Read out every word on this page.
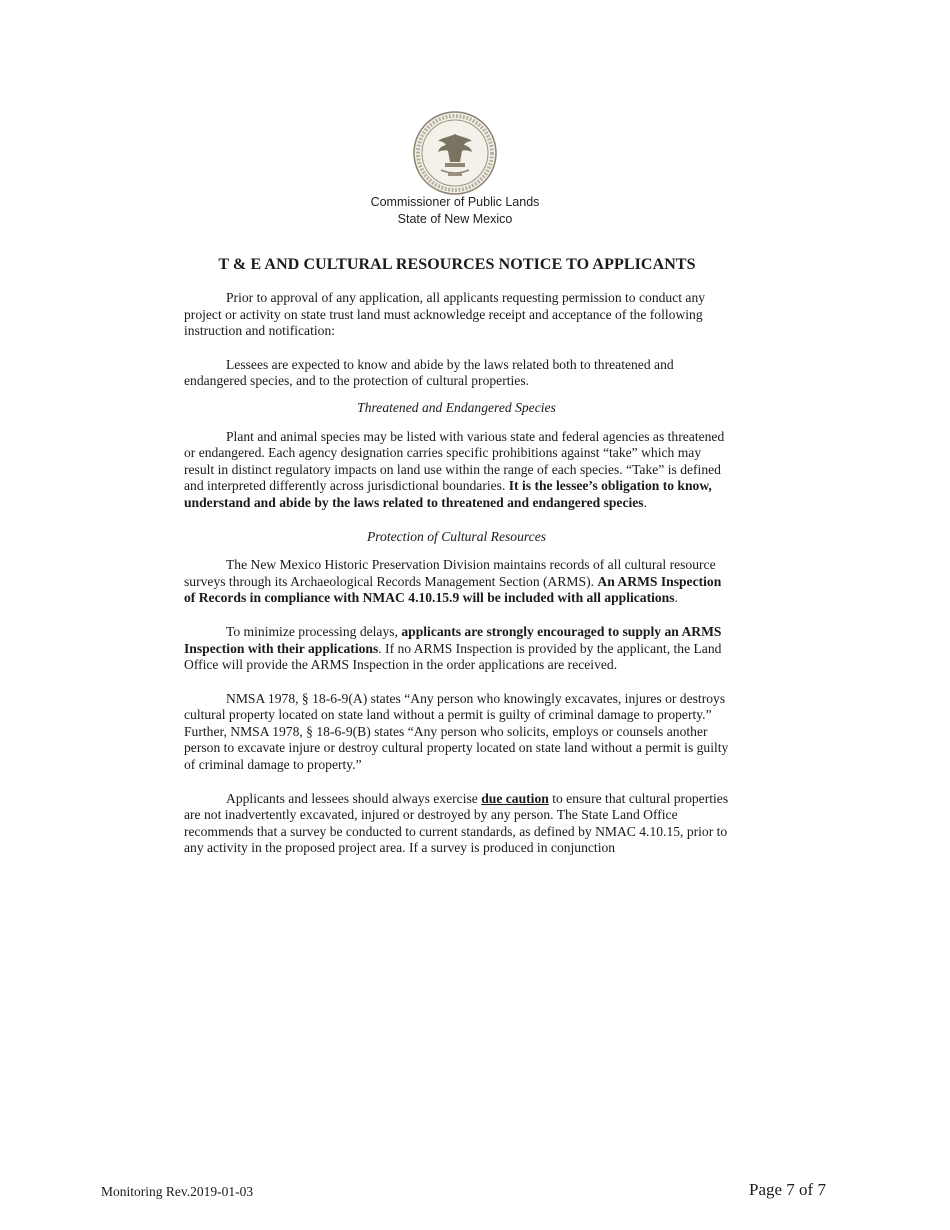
Commissioner of Public Lands
State of New Mexico
T & E AND CULTURAL RESOURCES NOTICE TO APPLICANTS

Prior to approval of any application, all applicants requesting permission to conduct any project or activity on state trust land must acknowledge receipt and acceptance of the following instruction and notification:

Lessees are expected to know and abide by the laws related both to threatened and endangered species, and to the protection of cultural properties.

Threatened and Endangered Species

Plant and animal species may be listed with various state and federal agencies as threatened or endangered. Each agency designation carries specific prohibitions against “take” which may result in distinct regulatory impacts on land use within the range of each species. “Take” is defined and interpreted differently across jurisdictional boundaries. It is the lessee’s obligation to know, understand and abide by the laws related to threatened and endangered species.

Protection of Cultural Resources

The New Mexico Historic Preservation Division maintains records of all cultural resource surveys through its Archaeological Records Management Section (ARMS). An ARMS Inspection of Records in compliance with NMAC 4.10.15.9 will be included with all applications.

To minimize processing delays, applicants are strongly encouraged to supply an ARMS Inspection with their applications. If no ARMS Inspection is provided by the applicant, the Land Office will provide the ARMS Inspection in the order applications are received.

NMSA 1978, § 18-6-9(A) states “Any person who knowingly excavates, injures or destroys cultural property located on state land without a permit is guilty of criminal damage to property.” Further, NMSA 1978, § 18-6-9(B) states “Any person who solicits, employs or counsels another person to excavate injure or destroy cultural property located on state land without a permit is guilty of criminal damage to property.”

Applicants and lessees should always exercise due caution to ensure that cultural properties are not inadvertently excavated, injured or destroyed by any person. The State Land Office recommends that a survey be conducted to current standards, as defined by NMAC 4.10.15, prior to any activity in the proposed project area. If a survey is produced in conjunction

Monitoring Rev.2019-01-03	Page 7 of 7
